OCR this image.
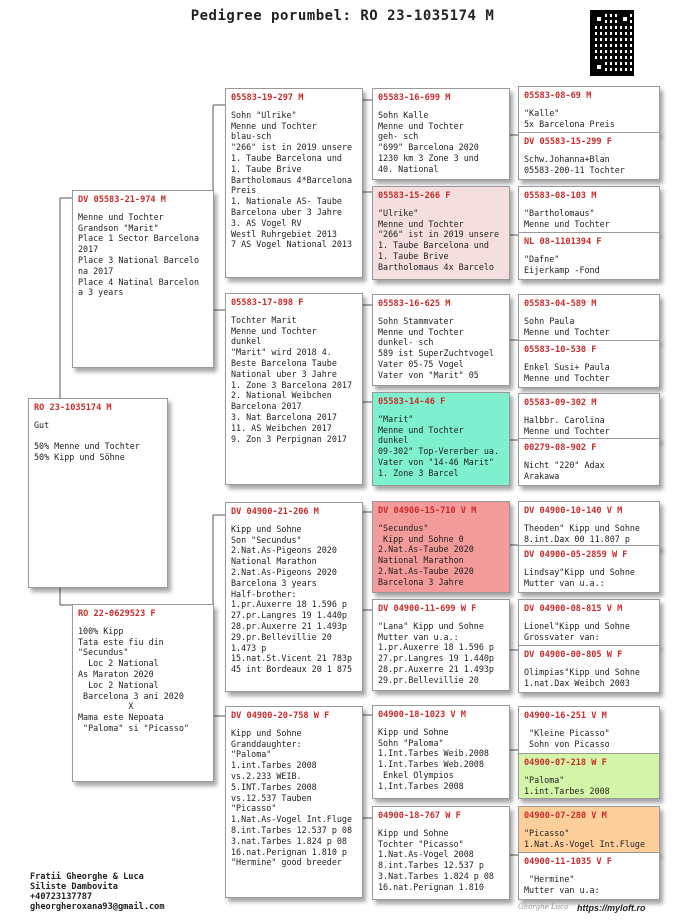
Pedigree porumbel: RO 23-1035174 M
RO 23-1035174 M
Gut

50% Menne und Tochter
50% Kipp und Söhne
DV 05583-21-974 M
Menne und Tochter
Grandson "Marit"
Place 1 Sector Barcelona
2017
Place 3 National Barcelo
na 2017
Place 4 Natinal Barcelon
a 3 years
RO 22-0629523 F
100% Kipp
Tata este fiu din
"Secundus"
Loc 2 National
As Maraton 2020
Loc 2 National
Barcelona 3 ani 2020
X
Mama este Nepoata
"Paloma" si "Picasso"
05583-19-297 M
Sohn "Ulrike"
Menne und Tochter
blau-sch
"266" ist in 2019 unsere
1. Taube Barcelona und
1. Taube Brive
Bartholomaus 4*Barcelona
Preis
1. Nationale AS- Taube
Barcelona uber 3 Jahre
3. AS Vogel RV
Westl Ruhrgebiet 2013
7 AS Vogel National 2013
05583-17-898 F
Tochter Marit
Menne und Tochter
dunkel
"Marit" wird 2018 4.
Beste Barcelona Taube
National uber 3 Jahre
1. Zone 3 Barcelona 2017
2. National Weibchen
Barcelona 2017
3. Nat Barcelona 2017
11. AS Weibchen 2017
9. Zon 3 Perpignan 2017
DV 04900-21-206 M
Kipp und Sohne
Son "Secundus"
2.Nat.As-Pigeons 2020
National Marathon
2.Nat.As-Pigeons 2020
Barcelona 3 years
Half-brother:
1.pr.Auxerre 18 1.596 p
27.pr.Langres 19 1.440p
28.pr.Auxerre 21 1.493p
29.pr.Bellevillie 20
1.473 p
15.nat.St.Vicent 21 783p
45 int Bordeaux 20 1 875
DV 04900-20-758 W F
Kipp und Sohne
Granddaughter:
"Paloma"
1.int.Tarbes 2008
vs.2.233 WEIB.
5.INT.Tarbes 2008
vs.12.537 Tauben
"Picasso"
1.Nat.As-Vogel Int.Fluge
8.int.Tarbes 12.537 p 08
3.nat.Tarbes 1.824 p 08
16.nat.Perignan 1.810 p
"Hermine" good breeder
05583-16-699 M
Sohn Kalle
Menne und Tochter
geh- sch
"699" Barcelona 2020
1230 km 3 Zone 3 und
40. National
05583-15-266 F
"Ulrike"
Menne und Tochter
"266" ist in 2019 unsere
1. Taube Barcelona und
1. Taube Brive
Bartholomaus 4x Barcelo
05583-16-625 M
Sohn Stammvater
Menne und Tochter
dunkel- sch
589 ist SuperZuchtvogel
Vater 05-75 Vogel
Vater von "Marit" 05
05583-14-46 F
"Marit"
Menne und Tochter
dunkel
09-302" Top-Vererber ua.
Vater von "14-46 Marit"
1. Zone 3 Barcel
DV 04900-15-710 V M
"Secundus"
Kipp und Sohne 0
2.Nat.As-Taube 2020
National Marathon
2.Nat.As-Taube 2020
Barcelona 3 Jahre
DV 04900-11-699 W F
"Lana" Kipp und Sohne
Mutter van u.a.:
1.pr.Auxerre 18 1.596 p
27.pr.Langres 19 1.440p
28.pr.Auxerre 21 1.493p
29.pr.Bellevillie 20
04900-18-1023 V M
Kipp und Sohne
Sohn "Paloma"
1.Int.Tarbes Weib.2008
1.Int.Tarbes Web.2008
Enkel Olympios
1.Int.Tarbes 2008
04900-18-767 W F
Kipp und Sohne
Tochter "Picasso"
1.Nat.As-Vogel 2008
8.int.Tarbes 12.537 p
3.Nat.Tarbes 1.824 p 08
16.nat.Perignan 1.810
05583-08-69 M
"Kalle"
5x Barcelona Preis
DV 05583-15-299 F
Schw.Johanna+Blan
05583-200-11 Tochter
05583-08-103 M
"Bartholomaus"
Menne und Tochter
NL 08-1101394 F
"Dafne"
Eijerkamp -Fond
05583-04-589 M
Sohn Paula
Menne und Tochter
05583-10-530 F
Enkel Susi+ Paula
Menne und Tochter
05583-09-302 M
Halbbr. Carolina
Menne und Tochter
00279-08-902 F
Nicht "220" Adax
Arakawa
DV 04900-10-140 V M
Theoden" Kipp und Sohne
8.int.Dax 00 11.807 p
DV 04900-05-2859 W F
Lindsay"Kipp und Sohne
Mutter van u.a.:
DV 04900-08-815 V M
Lionel"Kipp und Sohne
Grossvater van:
DV 04900-00-805 W F
Olimpias"Kipp und Sohne
1.nat.Dax Weibch 2003
04900-16-251 V M
"Kleine Picasso"
Sohn von Picasso
04900-07-218 W F
"Paloma"
1.int.Tarbes 2008
04900-07-280 V M
"Picasso"
1.Nat.As-Vogel Int.Fluge
04900-11-1035 V F
"Hermine"
Mutter van u.a:
Fratii Gheorghe & Luca
Siliste Dambovita
+40723137787
gheorgheroxana93@gmail.com	Ghorghe Luca https://myloft.ro
